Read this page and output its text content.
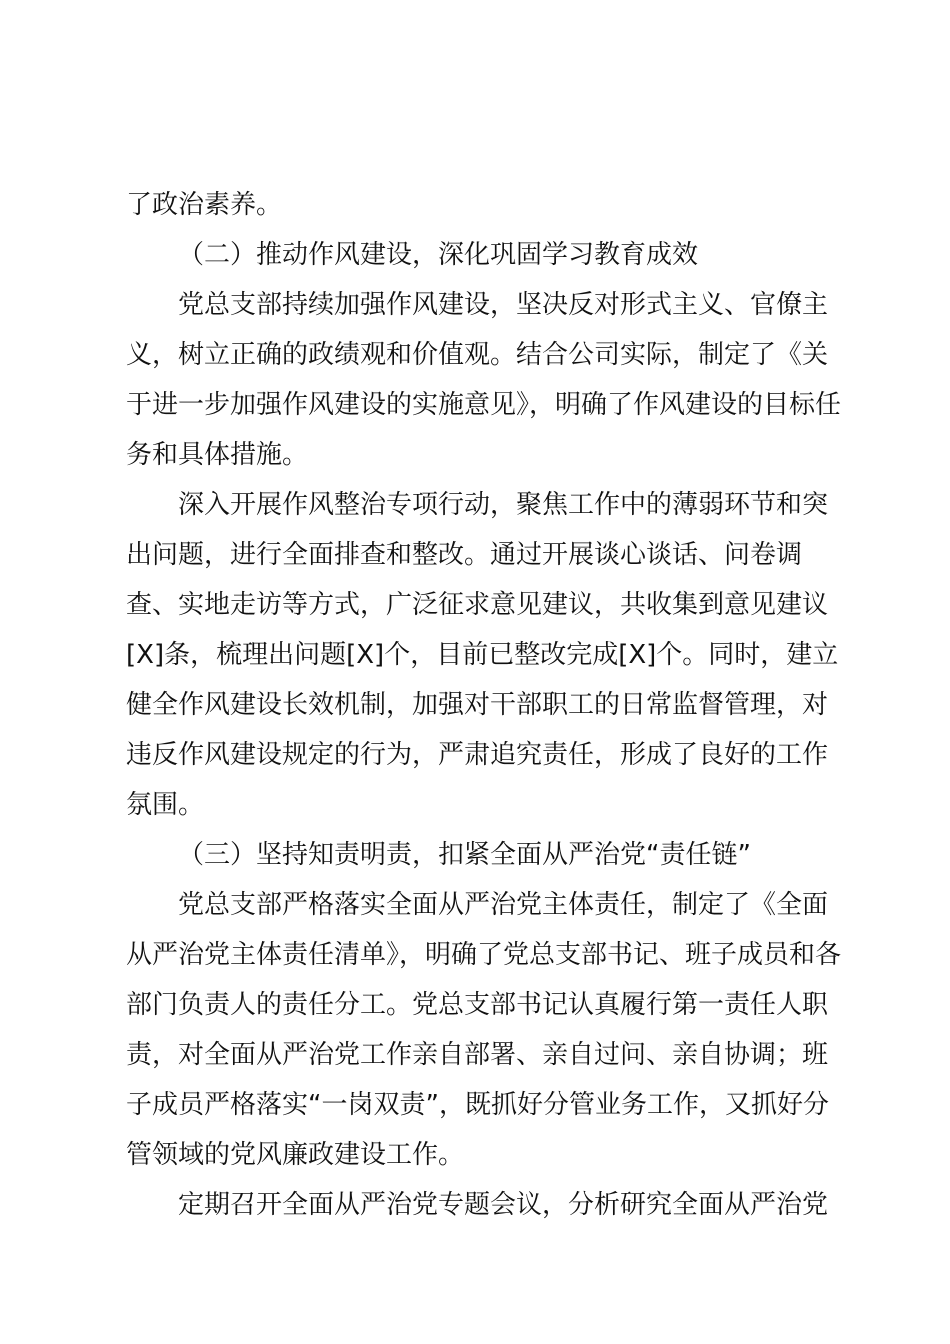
了政治素养。

（二）推动作风建设，深化巩固学习教育成效

党总支部持续加强作风建设，坚决反对形式主义、官僚主义，树立正确的政绩观和价值观。结合公司实际，制定了《关于进一步加强作风建设的实施意见》，明确了作风建设的目标任务和具体措施。

深入开展作风整治专项行动，聚焦工作中的薄弱环节和突出问题，进行全面排查和整改。通过开展谈心谈话、问卷调查、实地走访等方式，广泛征求意见建议，共收集到意见建议[X]条，梳理出问题[X]个，目前已整改完成[X]个。同时，建立健全作风建设长效机制，加强对干部职工的日常监督管理，对违反作风建设规定的行为，严肃追究责任，形成了良好的工作氛围。

（三）坚持知责明责，扣紧全面从严治党“责任链”

党总支部严格落实全面从严治党主体责任，制定了《全面从严治党主体责任清单》，明确了党总支部书记、班子成员和各部门负责人的责任分工。党总支部书记认真履行第一责任人职责，对全面从严治党工作亲自部署、亲自过问、亲自协调；班子成员严格落实“一岗双责”，既抓好分管业务工作，又抓好分管领域的党风廉政建设工作。

定期召开全面从严治党专题会议，分析研究全面从严治党
